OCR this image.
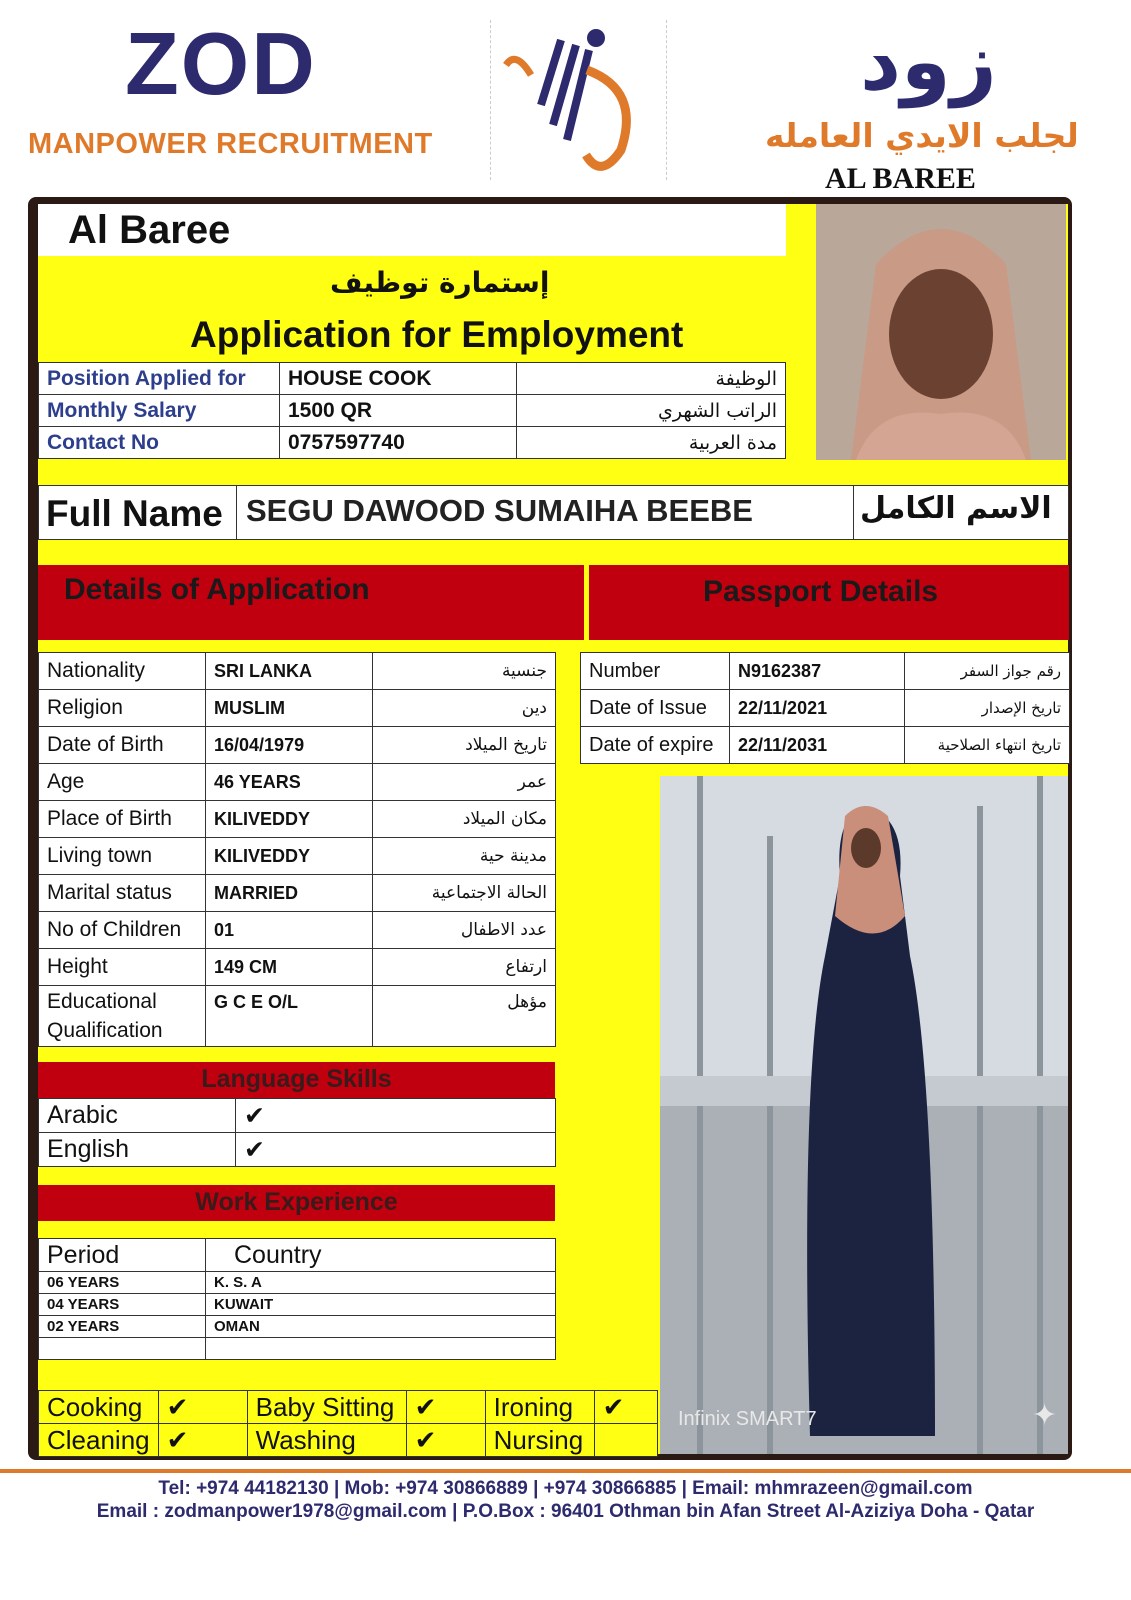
ZOD
MANPOWER RECRUITMENT
زود
لجلب الايدي العامله
AL BAREE
Al Baree
إستمارة توظيف
Application for Employment
Position Applied for	HOUSE COOK	الوظيفة
Monthly Salary	1500 QR	الراتب الشهري
Contact No	0757597740	مدة العربية
Full Name SEGU DAWOOD SUMAIHA BEEBE	الاسم الكامل
Details of Application	Passport Details
Nationality	SRI LANKA	جنسية
Religion	MUSLIM	دين
Date of Birth	16/04/1979	تاريخ الميلاد
Age	46 YEARS	عمر
Place of Birth	KILIVEDDY	مكان الميلاد
Living town	KILIVEDDY	مدينة حية
Marital status	MARRIED	الحالة الاجتماعية
No of Children	01	عدد الاطفال
Height	149 CM	ارتفاع
Educational Qualification	G C E O/L	مؤهل
Number	N9162387	رقم جواز السفر
Date of Issue	22/11/2021	تاريخ الإصدار
Date of expire	22/11/2031	تاريخ انتهاء الصلاحية
Language Skills
Arabic	✔
English	✔
Work Experience
Period	Country
06 YEARS	K. S. A
04 YEARS	KUWAIT
02 YEARS	OMAN

Cooking	✔	Baby Sitting	✔	Ironing	✔
Cleaning	✔	Washing	✔	Nursing	
Infinix SMART7	✦
Tel: +974 44182130 | Mob: +974 30866889 | +974 30866885 | Email: mhmrazeen@gmail.com
Email : zodmanpower1978@gmail.com | P.O.Box : 96401 Othman bin Afan Street Al-Aziziya Doha - Qatar
